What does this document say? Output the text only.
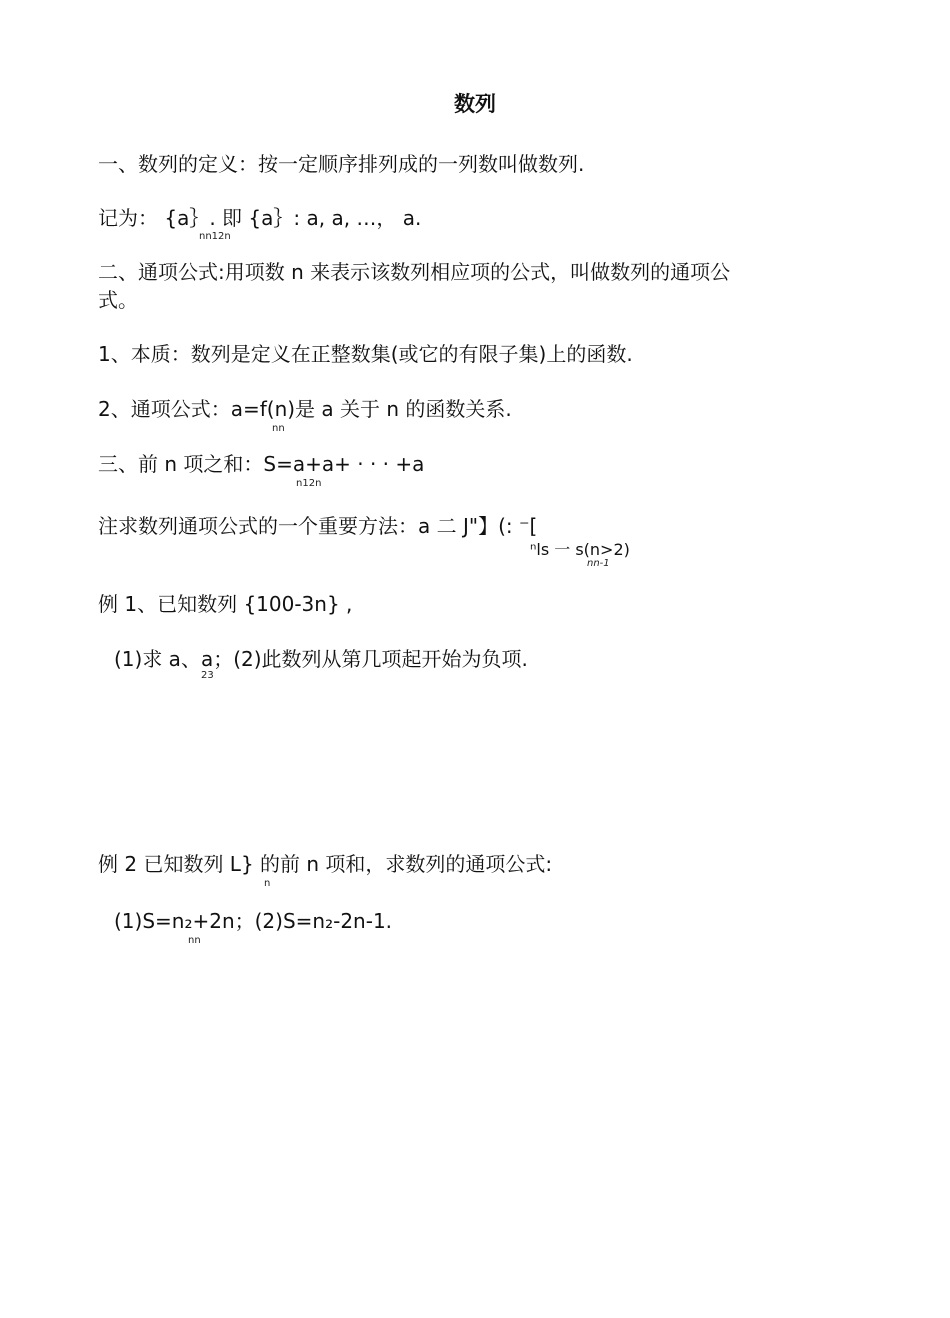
数列
一、数列的定义：按一定顺序排列成的一列数叫做数列.
记为： {a｝. 即 {a｝: a, a, …， a.
nn12n
二、通项公式:用项数 n 来表示该数列相应项的公式，叫做数列的通项公
式。
1、本质：数列是定义在正整数集(或它的有限子集)上的函数.
2、通项公式：a=f(n)是 a 关于 n 的函数关系.
nn
三、前 n 项之和：S=a+a+ · · · +a
n12n
注求数列通项公式的一个重要方法：a 二 J"】(: ⁻[
ⁿls 一 s(n>2)
nn-1
例 1、已知数列 {100-3n} ,
(1)求 a、a；(2)此数列从第几项起开始为负项.
23
例 2 已知数列 L} 的前 n 项和，求数列的通项公式:
n
(1)S=n₂+2n；(2)S=n₂-2n-1.
nn
